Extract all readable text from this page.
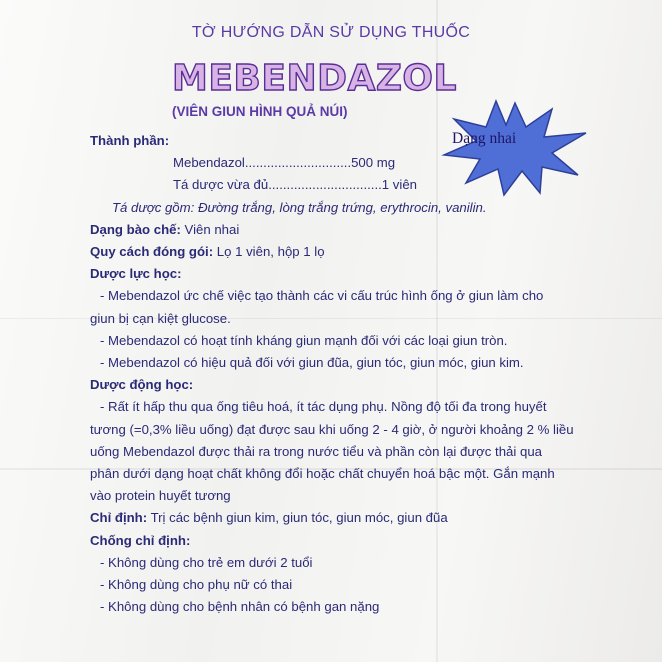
TỜ HƯỚNG DẪN SỬ DỤNG THUỐC
MEBENDAZOL
(VIÊN GIUN HÌNH QUẢ NÚI)
Dạng nhai

Thành phần:

Mebendazol.............................500 mg

Tá dược vừa đủ...............................1 viên

Tá dược gồm: Đường trắng, lòng trắng trứng, erythrocin, vanilin.

Dạng bào chế: Viên nhai

Quy cách đóng gói: Lọ 1 viên, hộp 1 lọ

Dược lực học:

- Mebendazol ức chế việc tạo thành các vi cấu trúc hình ống ở giun làm cho

giun bị cạn kiệt glucose.

- Mebendazol có hoạt tính kháng giun mạnh đối với các loại giun tròn.

- Mebendazol có hiệu quả đối với giun đũa, giun tóc, giun móc, giun kim.

Dược động học:

- Rất ít hấp thu qua ống tiêu hoá, ít tác dụng phụ. Nồng độ tối đa trong huyết

tương (=0,3% liều uống) đạt được sau khi uống 2 - 4 giờ, ở người khoảng 2 % liều

uống Mebendazol được thải ra trong nước tiểu và phần còn lại được thải qua

phân dưới dạng hoạt chất không đổi hoặc chất chuyển hoá bậc một. Gắn mạnh

vào protein huyết tương

Chỉ định: Trị các bệnh giun kim, giun tóc, giun móc, giun đũa

Chống chỉ định:

- Không dùng cho trẻ em dưới 2 tuổi

- Không dùng cho phụ nữ có thai

- Không dùng cho bệnh nhân có bệnh gan nặng
